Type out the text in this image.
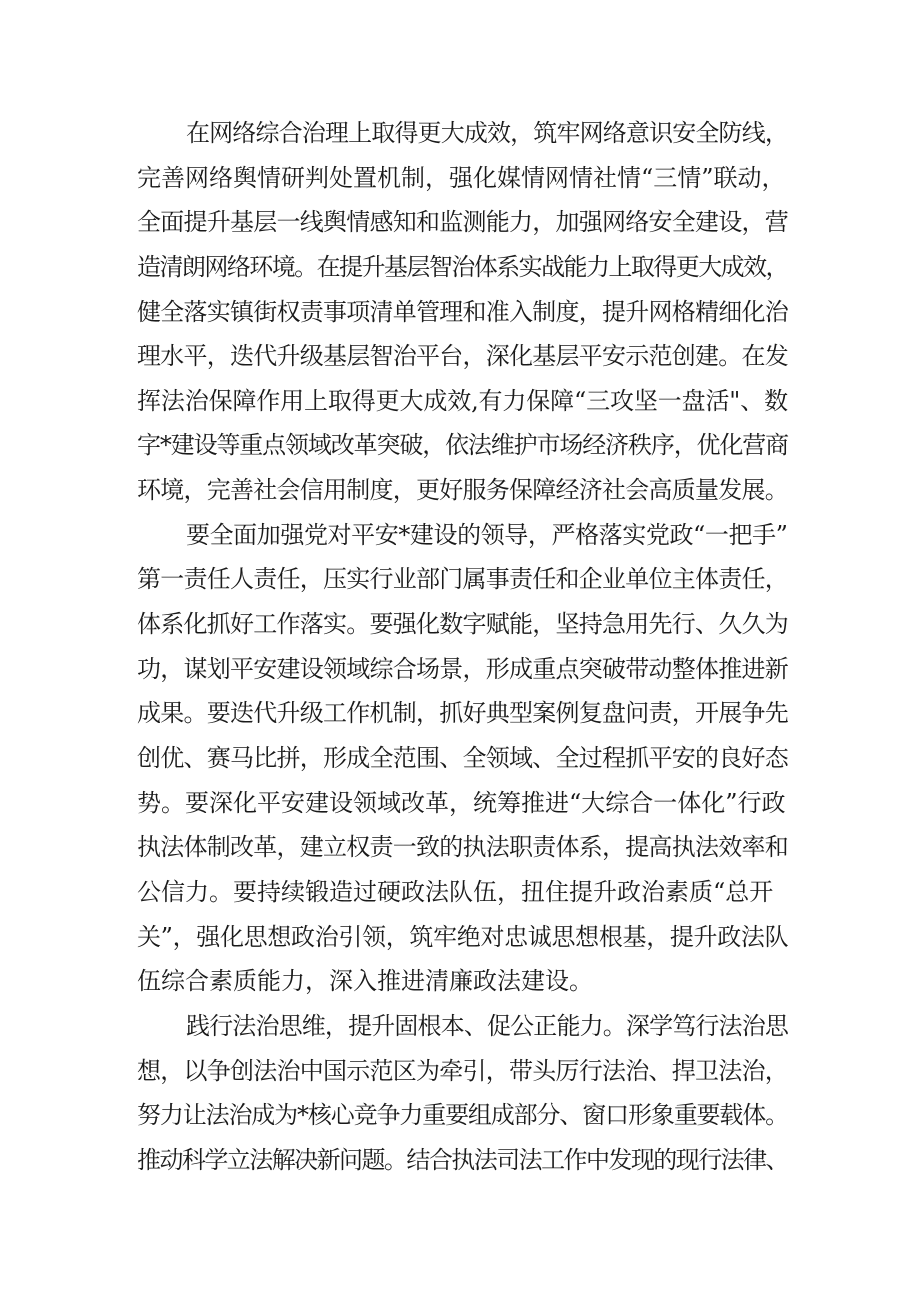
在网络综合治理上取得更大成效，筑牢网络意识安全防线，
完善网络舆情研判处置机制，强化媒情网情社情“三情”联动，
全面提升基层一线舆情感知和监测能力，加强网络安全建设，营
造清朗网络环境。在提升基层智治体系实战能力上取得更大成效，
健全落实镇街权责事项清单管理和准入制度，提升网格精细化治
理水平，迭代升级基层智治平台，深化基层平安示范创建。在发
挥法治保障作用上取得更大成效,有力保障“三攻坚一盘活"、数
字*建设等重点领域改革突破，依法维护市场经济秩序，优化营商
环境，完善社会信用制度，更好服务保障经济社会高质量发展。
要全面加强党对平安*建设的领导，严格落实党政“一把手”
第一责任人责任，压实行业部门属事责任和企业单位主体责任，
体系化抓好工作落实。要强化数字赋能，坚持急用先行、久久为
功，谋划平安建设领域综合场景，形成重点突破带动整体推进新
成果。要迭代升级工作机制，抓好典型案例复盘问责，开展争先
创优、赛马比拼，形成全范围、全领域、全过程抓平安的良好态
势。要深化平安建设领域改革，统筹推进“大综合一体化”行政
执法体制改革，建立权责一致的执法职责体系，提高执法效率和
公信力。要持续锻造过硬政法队伍，扭住提升政治素质“总开
关”，强化思想政治引领，筑牢绝对忠诚思想根基，提升政法队
伍综合素质能力，深入推进清廉政法建设。
践行法治思维，提升固根本、促公正能力。深学笃行法治思
想，以争创法治中国示范区为牵引，带头厉行法治、捍卫法治，
努力让法治成为*核心竞争力重要组成部分、窗口形象重要载体。
推动科学立法解决新问题。结合执法司法工作中发现的现行法律、
